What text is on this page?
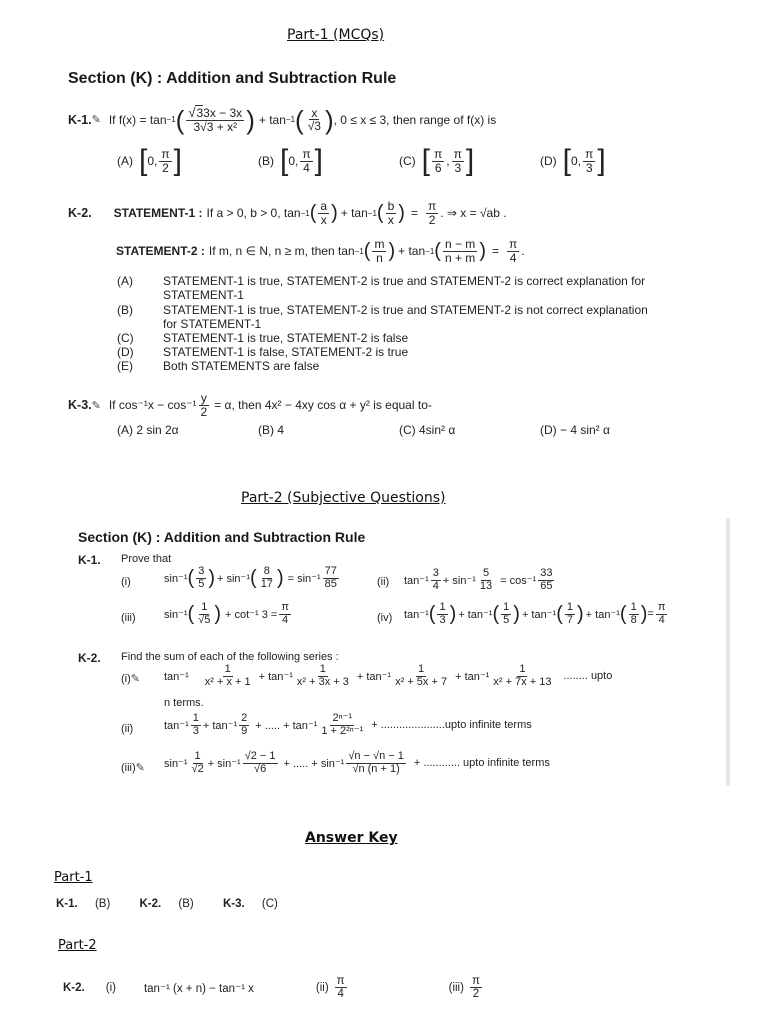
Part-1 (MCQs)
Section (K) : Addition and Subtraction Rule
K-1. ✎ If f(x) = tan −1 ( $\frac{√33x - 3x}{\text{3√3 + x²}}$ ) + tan −1 ( $\frac{x}{√3}$ ) , 0 ≤ x ≤ 3, then range of f(x) is
(A) [ 0, $\frac{\pi}{2}$ ]	(B) [ 0, $\frac{\pi}{4}$ ]	(C) [ $\frac{\pi}{6}$ , $\frac{\pi}{3}$ ]	(D) [ 0, $\frac{\pi}{3}$ ]
K-2. STATEMENT-1 : If a > 0, b > 0, tan −1 ( $\frac{a}{x}$ ) + tan −1 ( $\frac{b}{x}$ ) = $\frac{\pi}{2}$ . ⇒ x = √ab .
STATEMENT-2 : If m, n ∈ N, n ≥ m, then tan −1 ( $\frac{m}{n}$ ) + tan −1 ( $\frac{n - m}{n + m}$ ) = $\frac{\pi}{4}$ .
(A)	STATEMENT-1 is true, STATEMENT-2 is true and STATEMENT-2 is correct explanation for
STATEMENT-1
(B)	STATEMENT-1 is true, STATEMENT-2 is true and STATEMENT-2 is not correct explanation
for STATEMENT-1
(C) STATEMENT-1 is true, STATEMENT-2 is false
(D) STATEMENT-1 is false, STATEMENT-2 is true
(E)	Both STATEMENTS are false
K-3. ✎ If $\cos^{-1}x - \cos^{-1} \frac{y}{2} = \alpha$, then 4x² − 4xy cos α + y² is equal to-
(A) 2 sin 2α	(B) 4	(C) 4sin² α	(D) − 4 sin² α
Part-2 (Subjective Questions)
Section (K) : Addition and Subtraction Rule
K-1. Prove that
(i)	sin⁻¹ ( $\frac{3}{5}$ ) + sin⁻¹ ( $\frac{8}{17}$ ) = $\sin^{-1} \frac{77}{85}$	(ii) $\tan^{-1} \frac{3}{4} + \sin^{-1} \frac{5}{13} = \cos^{-1} \frac{33}{65}$
(iii)	sin⁻¹ ( $\frac{1}{√5}$ ) + cot⁻¹ $3 = \frac{\pi}{4}$	(iv) tan⁻¹ ( $\frac{1}{3}$ ) + tan⁻¹ ( $\frac{1}{5}$ ) + tan⁻¹ ( $\frac{1}{7}$ ) + tan⁻¹ ( $\frac{1}{8}$ ) = $\frac{\pi}{4}$
K-2. Find the sum of each of the following series :
(i)✎ $\tan^{-1} \frac{1}{\text{x² + x + 1}} + \tan^{-1} \frac{1}{\text{x² + 3x + 3}} + \tan^{-1} \frac{1}{\text{x² + 5x + 7}} + \tan^{-1} \frac{1}{\text{x² + 7x + 13}}$ ........ upto
n terms.
(ii)	$\tan^{-1} \frac{1}{3} + \tan^{-1} \frac{2}{9}$ + ..... + $\tan^{-1} \frac{\text{2ⁿ⁻¹}}{\text{1 + 2²ⁿ⁻¹}}$ + .....................upto infinite terms
(iii)✎ $\sin^{-1} \frac{1}{√2} + \sin^{-1} \frac{√2 - 1}{√6}$ + ..... + $\sin^{-1} \frac{√n - √n - 1}{√n (n + 1)}$ + ............ upto infinite terms
Answer Key
Part-1
K-1. (B)	K-2. (B)	K-3. (C)
Part-2
K-2. (i) tan⁻¹ (x + n) − tan⁻¹ x	$(ii) \frac{\pi}{4}$	$(iii) \frac{\pi}{2}$
